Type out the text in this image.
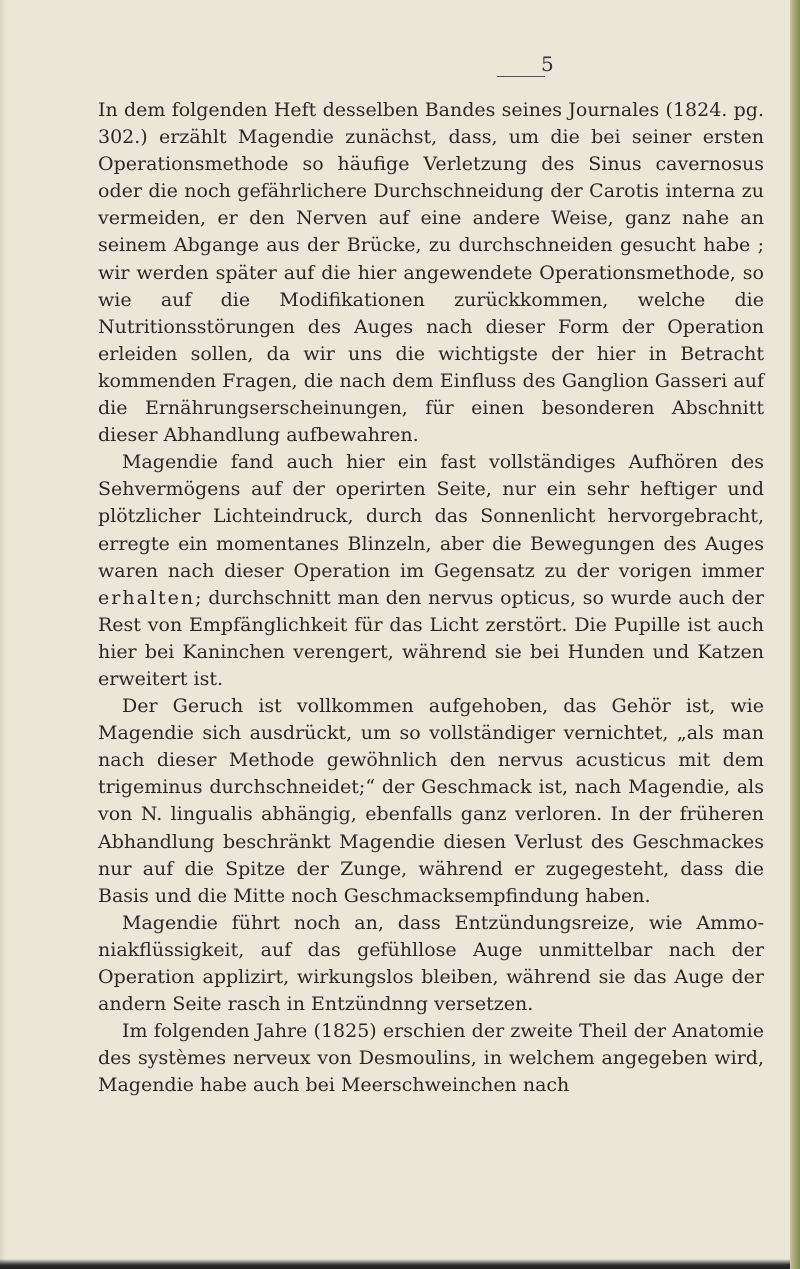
5

In dem folgenden Heft desselben Bandes seines Journales (1824. pg. 302.) erzählt Magendie zunächst, dass, um die bei seiner ersten Operationsmethode so häufige Verletzung des Sinus cavernosus oder die noch gefährlichere Durchschneidung der Carotis interna zu vermeiden, er den Nerven auf eine andere Weise, ganz nahe an seinem Abgange aus der Brücke, zu durchschneiden gesucht habe ; wir werden später auf die hier angewendete Operationsmethode, so wie auf die Modifikationen zurückkommen, welche die Nutritionsstörungen des Auges nach dieser Form der Operation erleiden sollen, da wir uns die wichtigste der hier in Betracht kommenden Fragen, die nach dem Einfluss des Ganglion Gasseri auf die Ernährungserscheinungen, für einen besonderen Abschnitt dieser Abhandlung aufbewahren.

Magendie fand auch hier ein fast vollständiges Aufhören des Sehvermögens auf der operirten Seite, nur ein sehr heftiger und plötzlicher Lichteindruck, durch das Sonnenlicht hervorgebracht, erregte ein momentanes Blinzeln, aber die Bewegungen des Auges waren nach dieser Operation im Gegensatz zu der vorigen immer erhalten; durchschnitt man den nervus opticus, so wurde auch der Rest von Empfänglichkeit für das Licht zerstört. Die Pupille ist auch hier bei Kaninchen verengert, während sie bei Hunden und Katzen erweitert ist.

Der Geruch ist vollkommen aufgehoben, das Gehör ist, wie Magendie sich ausdrückt, um so vollständiger vernichtet, „als man nach dieser Methode gewöhnlich den nervus acusticus mit dem trigeminus durchschneidet;“ der Geschmack ist, nach Magendie, als von N. lingualis abhängig, ebenfalls ganz verloren. In der früheren Abhandlung beschränkt Magendie diesen Verlust des Geschmackes nur auf die Spitze der Zunge, während er zugegesteht, dass die Basis und die Mitte noch Geschmacksempfindung haben.

Magendie führt noch an, dass Entzündungsreize, wie Ammoniakflüssigkeit, auf das gefühllose Auge unmittelbar nach der Operation applizirt, wirkungslos bleiben, während sie das Auge der andern Seite rasch in Entzündnng versetzen.

Im folgenden Jahre (1825) erschien der zweite Theil der Anatomie des systèmes nerveux von Desmoulins, in welchem angegeben wird, Magendie habe auch bei Meerschweinchen nach
